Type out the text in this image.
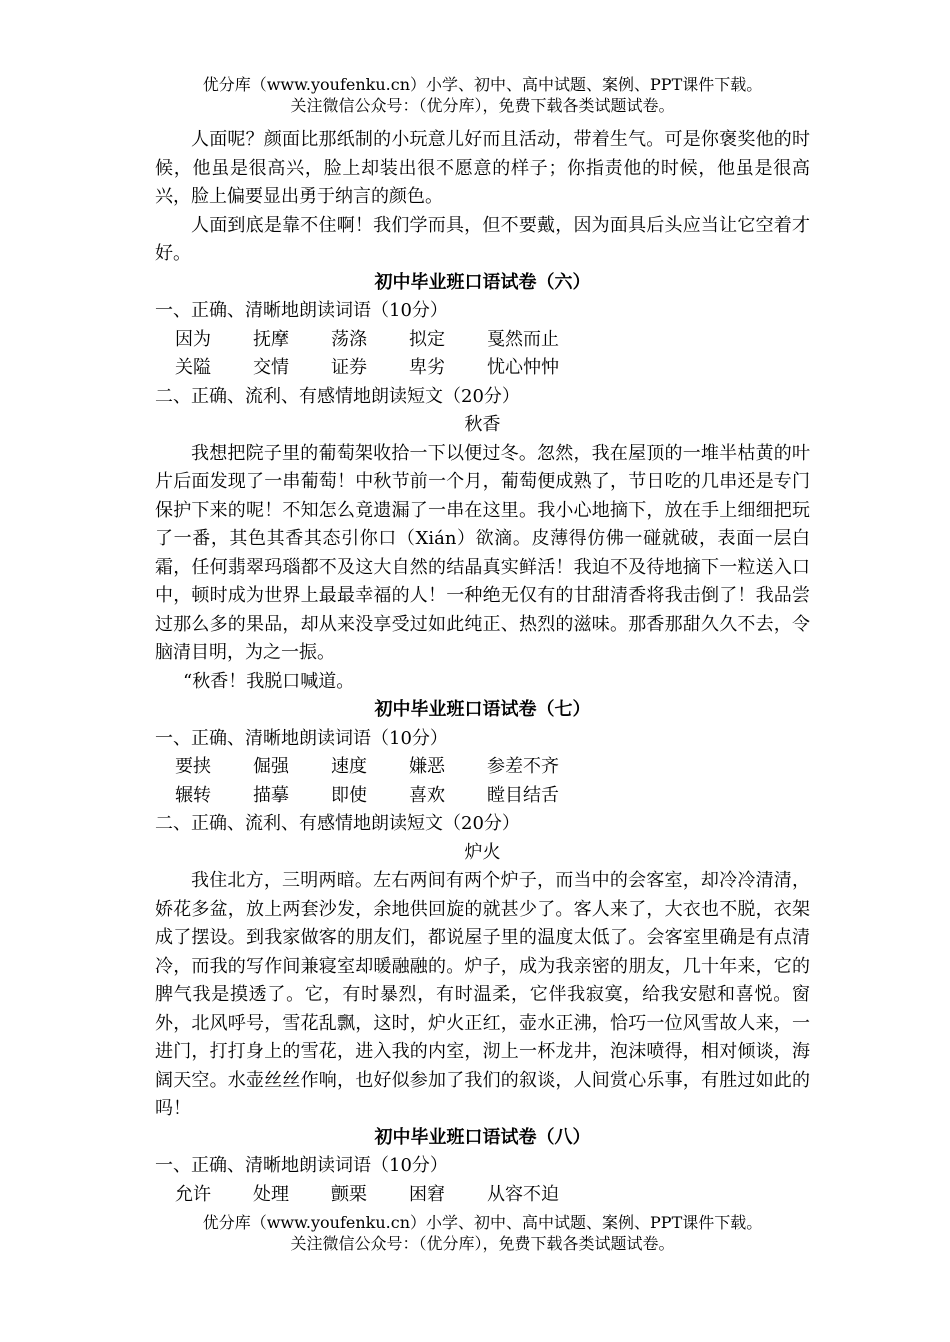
优分库（www.youfenku.cn）小学、初中、高中试题、案例、PPT课件下载。
关注微信公众号：（优分库），免费下载各类试题试卷。

人面呢？颜面比那纸制的小玩意儿好而且活动，带着生气。可是你褒奖他的时候，他虽是很高兴，脸上却装出很不愿意的样子；你指责他的时候，他虽是很高兴，脸上偏要显出勇于纳言的颜色。

人面到底是靠不住啊！我们学而具，但不要戴，因为面具后头应当让它空着才好。

初中毕业班口语试卷（六）

一、正确、清晰地朗读词语（10分）

因为 抚摩 荡涤 拟定 戛然而止
关隘 交情 证券 卑劣 忧心忡忡

二、正确、流利、有感情地朗读短文（20分）

秋香

我想把院子里的葡萄架收拾一下以便过冬。忽然，我在屋顶的一堆半枯黄的叶片后面发现了一串葡萄！中秋节前一个月，葡萄便成熟了，节日吃的几串还是专门保护下来的呢！不知怎么竟遗漏了一串在这里。我小心地摘下，放在手上细细把玩了一番，其色其香其态引你口（Xián）欲滴。皮薄得仿佛一碰就破，表面一层白霜，任何翡翠玛瑙都不及这大自然的结晶真实鲜活！我迫不及待地摘下一粒送入口中，顿时成为世界上最最幸福的人！一种绝无仅有的甘甜清香将我击倒了！我品尝过那么多的果品，却从来没享受过如此纯正、热烈的滋味。那香那甜久久不去，令脑清目明，为之一振。

“秋香！我脱口喊道。

初中毕业班口语试卷（七）

一、正确、清晰地朗读词语（10分）

要挟 倔强 速度 嫌恶 参差不齐
辗转 描摹 即使 喜欢 瞠目结舌

二、正确、流利、有感情地朗读短文（20分）

炉火

我住北方，三明两暗。左右两间有两个炉子，而当中的会客室，却冷冷清清，娇花多盆，放上两套沙发，余地供回旋的就甚少了。客人来了，大衣也不脱，衣架成了摆设。到我家做客的朋友们，都说屋子里的温度太低了。会客室里确是有点清冷，而我的写作间兼寝室却暖融融的。炉子，成为我亲密的朋友，几十年来，它的脾气我是摸透了。它，有时暴烈，有时温柔，它伴我寂寞，给我安慰和喜悦。窗外，北风呼号，雪花乱飘，这时，炉火正红，壶水正沸，恰巧一位风雪故人来，一进门，打打身上的雪花，进入我的内室，沏上一杯龙井，泡沫喷得，相对倾谈，海阔天空。水壶丝丝作响，也好似参加了我们的叙谈，人间赏心乐事，有胜过如此的吗！

初中毕业班口语试卷（八）

一、正确、清晰地朗读词语（10分）

允许 处理 颤栗 困窘 从容不迫
优分库（www.youfenku.cn）小学、初中、高中试题、案例、PPT课件下载。
关注微信公众号：（优分库），免费下载各类试题试卷。
